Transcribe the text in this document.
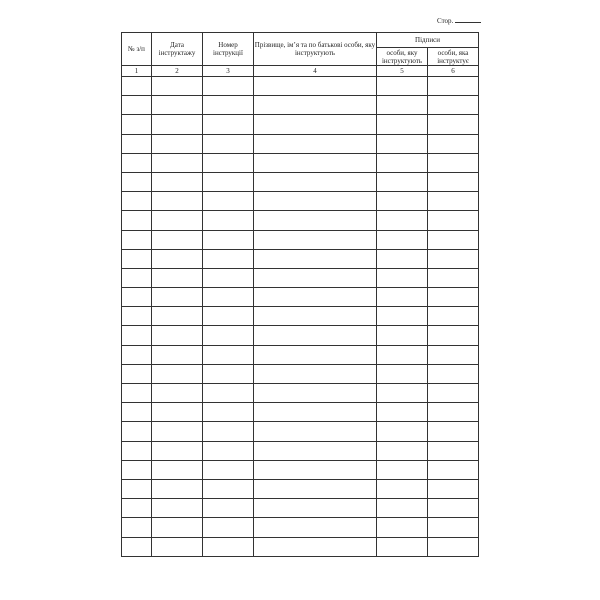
Стор.
№ з/п	Дата інструктажу	Номер інструкції	Прізвище, ім’я та по батькові особи, яку інструктують	Підписи	
				особи, яку інструктують	особи, яка інструктує
1	2	3	4	5	6
